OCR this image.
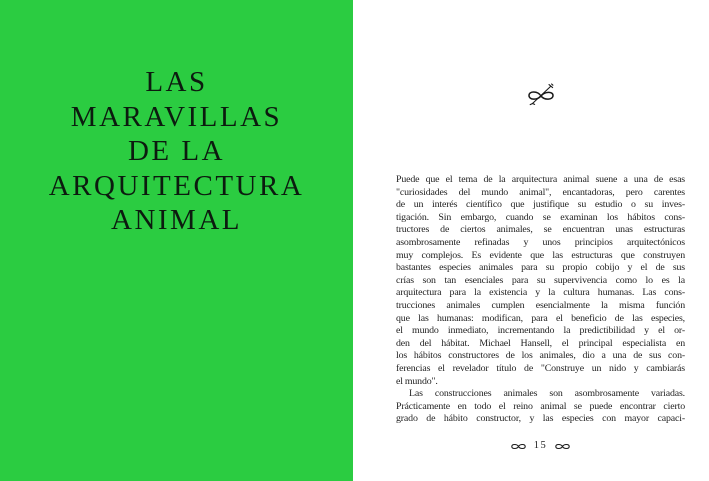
LAS
MARAVILLAS
DE LA
ARQUITECTURA
ANIMAL
Puede que el tema de la arquitectura animal suene a una de esas
"curiosidades del mundo animal", encantadoras, pero carentes
de un interés científico que justifique su estudio o su inves-
tigación. Sin embargo, cuando se examinan los hábitos cons-
tructores de ciertos animales, se encuentran unas estructuras
asombrosamente refinadas y unos principios arquitectónicos
muy complejos. Es evidente que las estructuras que construyen
bastantes especies animales para su propio cobijo y el de sus
crías son tan esenciales para su supervivencia como lo es la
arquitectura para la existencia y la cultura humanas. Las cons-
trucciones animales cumplen esencialmente la misma función
que las humanas: modifican, para el beneficio de las especies,
el mundo inmediato, incrementando la predictibilidad y el or-
den del hábitat. Michael Hansell, el principal especialista en
los hábitos constructores de los animales, dio a una de sus con-
ferencias el revelador título de "Construye un nido y cambiarás
el mundo".
Las construcciones animales son asombrosamente variadas.
Prácticamente en todo el reino animal se puede encontrar cierto
grado de hábito constructor, y las especies con mayor capaci-
15
